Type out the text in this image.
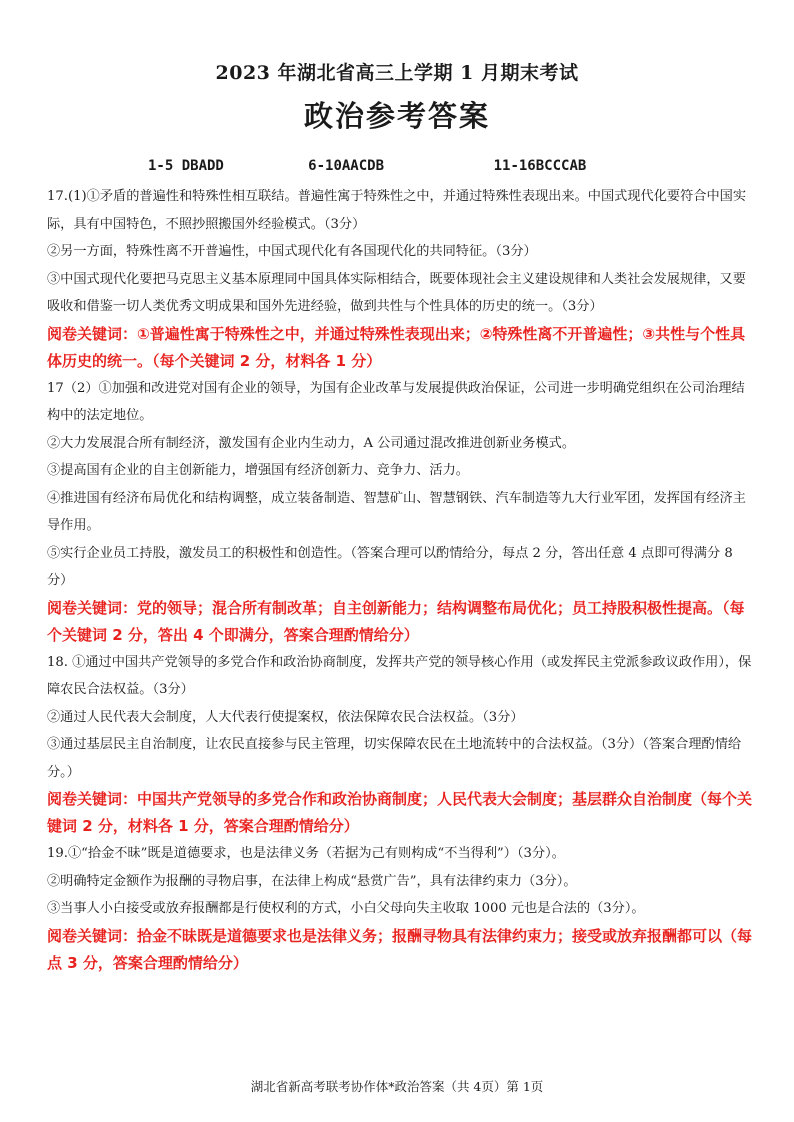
2023 年湖北省高三上学期 1 月期末考试
政治参考答案
1-5 DBADD	6-10AACDB	11-16BCCCAB

17.(1)①矛盾的普遍性和特殊性相互联结。普遍性寓于特殊性之中，并通过特殊性表现出来。中国式现代化要符合中国实际，具有中国特色，不照抄照搬国外经验模式。（3分）

②另一方面，特殊性离不开普遍性，中国式现代化有各国现代化的共同特征。（3分）

③中国式现代化要把马克思主义基本原理同中国具体实际相结合，既要体现社会主义建设规律和人类社会发展规律，又要吸收和借鉴一切人类优秀文明成果和国外先进经验，做到共性与个性具体的历史的统一。（3分）

阅卷关键词：①普遍性寓于特殊性之中，并通过特殊性表现出来；②特殊性离不开普遍性；③共性与个性具体历史的统一。（每个关键词 2 分，材料各 1 分）

17（2）①加强和改进党对国有企业的领导，为国有企业改革与发展提供政治保证，公司进一步明确党组织在公司治理结构中的法定地位。

②大力发展混合所有制经济，激发国有企业内生动力，A 公司通过混改推进创新业务模式。

③提高国有企业的自主创新能力，增强国有经济创新力、竞争力、活力。

④推进国有经济布局优化和结构调整，成立装备制造、智慧矿山、智慧钢铁、汽车制造等九大行业军团，发挥国有经济主导作用。

⑤实行企业员工持股，激发员工的积极性和创造性。（答案合理可以酌情给分，每点 2 分，答出任意 4 点即可得满分 8 分）

阅卷关键词：党的领导；混合所有制改革；自主创新能力；结构调整布局优化；员工持股积极性提高。（每个关键词 2 分，答出 4 个即满分，答案合理酌情给分）

18. ①通过中国共产党领导的多党合作和政治协商制度，发挥共产党的领导核心作用（或发挥民主党派参政议政作用），保障农民合法权益。（3分）

②通过人民代表大会制度，人大代表行使提案权，依法保障农民合法权益。（3分）

③通过基层民主自治制度，让农民直接参与民主管理，切实保障农民在土地流转中的合法权益。（3分）（答案合理酌情给分。）

阅卷关键词：中国共产党领导的多党合作和政治协商制度；人民代表大会制度；基层群众自治制度（每个关键词 2 分，材料各 1 分，答案合理酌情给分）

19.①“拾金不昧”既是道德要求，也是法律义务（若据为己有则构成“不当得利”）（3分）。

②明确特定金额作为报酬的寻物启事，在法律上构成“悬赏广告”，具有法律约束力（3分）。

③当事人小白接受或放弃报酬都是行使权利的方式，小白父母向失主收取 1000 元也是合法的（3分）。

阅卷关键词：拾金不昧既是道德要求也是法律义务；报酬寻物具有法律约束力；接受或放弃报酬都可以（每点 3 分，答案合理酌情给分）

湖北省新高考联考协作体*政治答案（共 4页）第 1页
